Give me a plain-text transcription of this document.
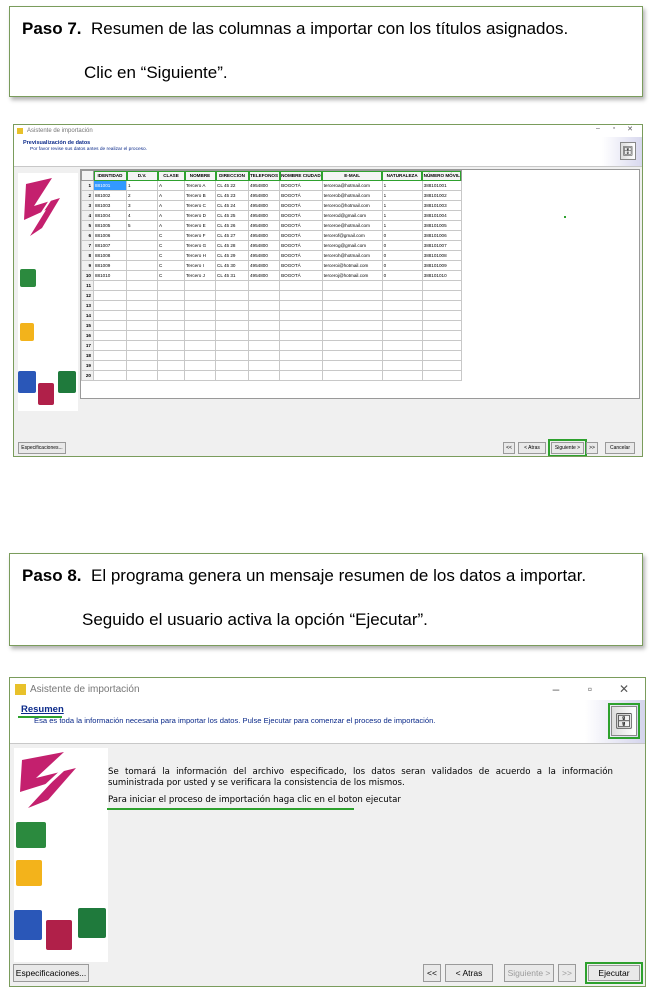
Paso 7. Resumen de las columnas a importar con los títulos asignados.
Clic en “Siguiente”.
Asistente de importación	–	▫	✕
Previsualización de datos
Por favor revise sus datos antes de realizar el proceso.	🗄
	IDENTIDAD	D.V.	CLASE	NOMBRE	DIRECCION	TELEFONOS	NOMBRE CIUDAD	E-MAIL	NATURALEZA	NÚMERO MÓVIL
1	881001	1	A	Tercero A	CL 45 22	4954800	BOGOTÁ	terceroa@hotmail.com	1	388101001
2	881002	2	A	Tercero B	CL 45 23	4954800	BOGOTÁ	tercerob@hotmail.com	1	388101002
3	881003	3	A	Tercero C	CL 45 24	4954800	BOGOTÁ	terceroc@hotmail.com	1	388101003
4	881004	4	A	Tercero D	CL 45 25	4954800	BOGOTÁ	tercerod@gmail.com	1	388101004
5	881005	5	A	Tercero E	CL 45 26	4954800	BOGOTÁ	terceroe@hotmail.com	1	388101005
6	881006		C	Tercero F	CL 45 27	4954800	BOGOTÁ	tercerof@gmail.com	0	388101006
7	881007		C	Tercero G	CL 45 28	4954800	BOGOTÁ	tercerog@gmail.com	0	388101007
8	881008		C	Tercero H	CL 45 29	4954800	BOGOTÁ	terceroh@hotmail.com	0	388101008
9	881009		C	Tercero I	CL 45 30	4954800	BOGOTÁ	terceroi@hotmail.com	0	388101009
10	881010		C	Tercero J	CL 45 31	4954800	BOGOTÁ	terceroj@hotmail.com	0	388101010
11										
12										
13										
14										
15										
16										
17										
18										
19										
20										
Especificaciones...	<<	< Atras	Siguiente >	>>	Cancelar
Paso 8. El programa genera un mensaje resumen de los datos a importar.
Seguido el usuario activa la opción “Ejecutar”.
Asistente de importación	–	▫	✕
Resumen
Esa es toda la información necesaria para importar los datos. Pulse Ejecutar para comenzar el proceso de importación.	🗄
Se tomará la información del archivo especificado, los datos seran validados de acuerdo a la información suministrada por usted y se verificara la consistencia de los mismos.
Para iniciar el proceso de importación haga clic en el boton ejecutar
Especificaciones...	<<	< Atras	Siguiente >	>>	Ejecutar
